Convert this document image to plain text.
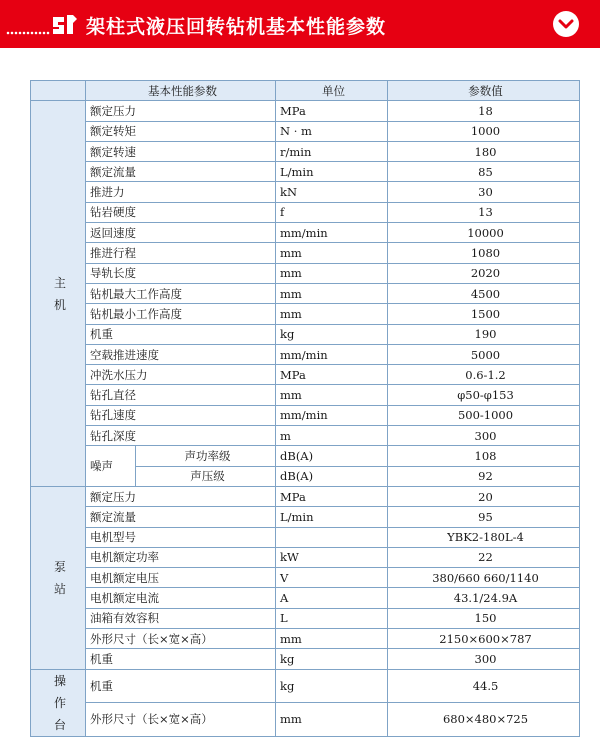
架柱式液压回转钻机基本性能参数
	基本性能参数		单位	参数值
主
机	额定压力		MPa	18
	额定转矩		N · m	1000
	额定转速		r/min	180
	额定流量		L/min	85
	推进力		kN	30
	钻岩硬度		f	13
	返回速度		mm/min	10000
	推进行程		mm	1080
	导轨长度		mm	2020
	钻机最大工作高度		mm	4500
	钻机最小工作高度		mm	1500
	机重		kg	190
	空载推进速度		mm/min	5000
	冲洗水压力		MPa	0.6-1.2
	钻孔直径		mm	φ50-φ153
	钻孔速度		mm/min	500-1000
	钻孔深度		m	300
	噪声	声功率级	dB(A)	108
		声压级	dB(A)	92
泵
站	额定压力		MPa	20
	额定流量		L/min	95
	电机型号			YBK2-180L-4
	电机额定功率		kW	22
	电机额定电压		V	380/660 660/1140
	电机额定电流		A	43.1/24.9A
	油箱有效容积		L	150
	外形尺寸（长×宽×高）		mm	2150×600×787
	机重		kg	300
操
作
台	机重		kg	44.5
	外形尺寸（长×宽×高）		mm	680×480×725
